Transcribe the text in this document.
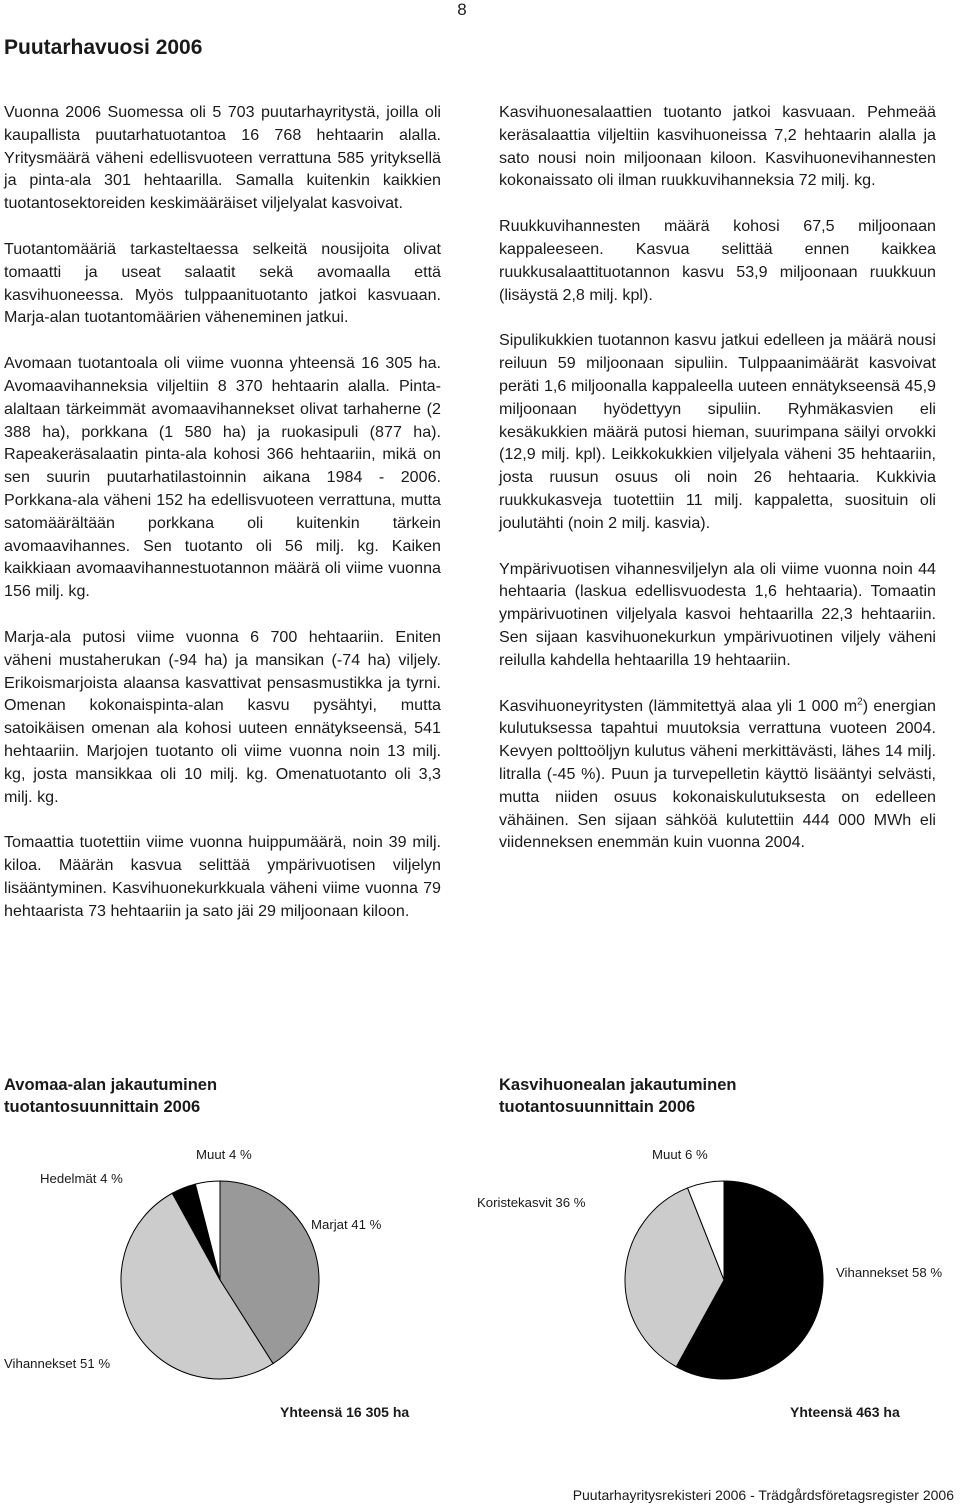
8
Puutarhavuosi 2006

Vuonna 2006 Suomessa oli 5 703 puutarhayritystä, joilla oli kaupallista puutarhatuotantoa 16 768 hehtaarin alalla. Yritysmäärä väheni edellisvuoteen verrattuna 585 yrityksellä ja pinta-ala 301 hehtaarilla. Samalla kuitenkin kaikkien tuotantosektoreiden keskimääräiset viljelyalat kasvoivat.

Tuotantomääriä tarkasteltaessa selkeitä nousijoita olivat tomaatti ja useat salaatit sekä avomaalla että kasvihuoneessa. Myös tulppaanituotanto jatkoi kasvuaan. Marja-alan tuotantomäärien väheneminen jatkui.

Avomaan tuotantoala oli viime vuonna yhteensä 16 305 ha. Avomaavihanneksia viljeltiin 8 370 hehtaarin alalla. Pinta-alaltaan tärkeimmät avomaavihannekset olivat tarhaherne (2 388 ha), porkkana (1 580 ha) ja ruokasipuli (877 ha). Rapeakeräsalaatin pinta-ala kohosi 366 hehtaariin, mikä on sen suurin puutarhatilastoinnin aikana 1984 - 2006. Porkkana-ala väheni 152 ha edellisvuoteen verrattuna, mutta satomäärältään porkkana oli kuitenkin tärkein avomaavihannes. Sen tuotanto oli 56 milj. kg. Kaiken kaikkiaan avomaavihannestuotannon määrä oli viime vuonna 156 milj. kg.

Marja-ala putosi viime vuonna 6 700 hehtaariin. Eniten väheni mustaherukan (-94 ha) ja mansikan (-74 ha) viljely. Erikoismarjoista alaansa kasvattivat pensasmustikka ja tyrni. Omenan kokonaispinta-alan kasvu pysähtyi, mutta satoikäisen omenan ala kohosi uuteen ennätykseensä, 541 hehtaariin. Marjojen tuotanto oli viime vuonna noin 13 milj. kg, josta mansikkaa oli 10 milj. kg. Omenatuotanto oli 3,3 milj. kg.

Tomaattia tuotettiin viime vuonna huippumäärä, noin 39 milj. kiloa. Määrän kasvua selittää ympärivuotisen viljelyn lisääntyminen. Kasvihuonekurkkuala väheni viime vuonna 79 hehtaarista 73 hehtaariin ja sato jäi 29 miljoonaan kiloon.

Kasvihuonesalaattien tuotanto jatkoi kasvuaan. Pehmeää keräsalaattia viljeltiin kasvihuoneissa 7,2 hehtaarin alalla ja sato nousi noin miljoonaan kiloon. Kasvihuonevihannesten kokonaissato oli ilman ruukkuvihanneksia 72 milj. kg.

Ruukkuvihannesten määrä kohosi 67,5 miljoonaan kappaleeseen. Kasvua selittää ennen kaikkea ruukkusalaattituotannon kasvu 53,9 miljoonaan ruukkuun (lisäystä 2,8 milj. kpl).

Sipulikukkien tuotannon kasvu jatkui edelleen ja määrä nousi reiluun 59 miljoonaan sipuliin. Tulppaanimäärät kasvoivat peräti 1,6 miljoonalla kappaleella uuteen ennätykseensä 45,9 miljoonaan hyödettyyn sipuliin. Ryhmäkasvien eli kesäkukkien määrä putosi hieman, suurimpana säilyi orvokki (12,9 milj. kpl). Leikkokukkien viljelyala väheni 35 hehtaariin, josta ruusun osuus oli noin 26 hehtaaria. Kukkivia ruukkukasveja tuotettiin 11 milj. kappaletta, suosituin oli joulutähti (noin 2 milj. kasvia).

Ympärivuotisen vihannesviljelyn ala oli viime vuonna noin 44 hehtaaria (laskua edellisvuodesta 1,6 hehtaaria). Tomaatin ympärivuotinen viljelyala kasvoi hehtaarilla 22,3 hehtaariin. Sen sijaan kasvihuonekurkun ympärivuotinen viljely väheni reilulla kahdella hehtaarilla 19 hehtaariin.

Kasvihuoneyritysten (lämmitettyä alaa yli 1 000 $m^2$) energian kulutuksessa tapahtui muutoksia verrattuna vuoteen 2004. Kevyen polttoöljyn kulutus väheni merkittävästi, lähes 14 milj. litralla (-45 %). Puun ja turvepelletin käyttö lisääntyi selvästi, mutta niiden osuus kokonaiskulutuksesta on edelleen vähäinen. Sen sijaan sähköä kulutettiin 444 000 MWh eli viidenneksen enemmän kuin vuonna 2004.

Avomaa-alan jakautuminen tuotantosuunnittain 2006
Hedelmät 4 %
Muut 4 %
Marjat 41 %
Vihannekset 51 %
Yhteensä 16 305 ha
Kasvihuonealan jakautuminen tuotantosuunnittain 2006
Muut 6 %
Koristekasvit 36 %
Vihannekset 58 %
Yhteensä 463 ha
Puutarhayritysrekisteri 2006 - Trädgårdsföretagsregister 2006
